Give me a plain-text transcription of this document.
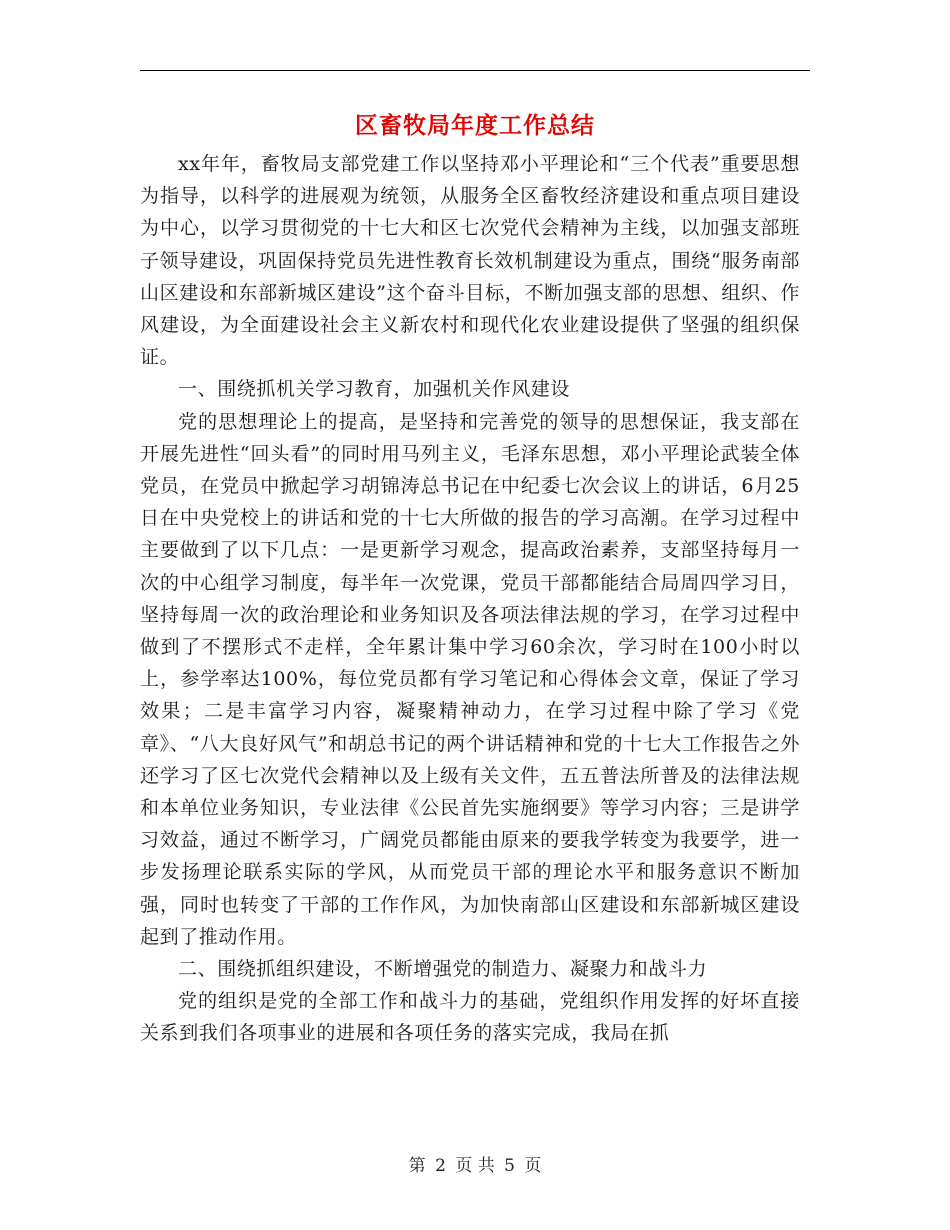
区畜牧局年度工作总结

xx年年，畜牧局支部党建工作以坚持邓小平理论和“三个代表”重要思想为指导，以科学的进展观为统领，从服务全区畜牧经济建设和重点项目建设为中心，以学习贯彻党的十七大和区七次党代会精神为主线，以加强支部班子领导建设，巩固保持党员先进性教育长效机制建设为重点，围绕“服务南部山区建设和东部新城区建设”这个奋斗目标，不断加强支部的思想、组织、作风建设，为全面建设社会主义新农村和现代化农业建设提供了坚强的组织保证。

一、围绕抓机关学习教育，加强机关作风建设

党的思想理论上的提高，是坚持和完善党的领导的思想保证，我支部在开展先进性“回头看”的同时用马列主义，毛泽东思想，邓小平理论武装全体党员，在党员中掀起学习胡锦涛总书记在中纪委七次会议上的讲话，6月25日在中央党校上的讲话和党的十七大所做的报告的学习高潮。在学习过程中主要做到了以下几点：一是更新学习观念，提高政治素养，支部坚持每月一次的中心组学习制度，每半年一次党课，党员干部都能结合局周四学习日，坚持每周一次的政治理论和业务知识及各项法律法规的学习，在学习过程中做到了不摆形式不走样，全年累计集中学习60余次，学习时在100小时以上，参学率达100%，每位党员都有学习笔记和心得体会文章，保证了学习效果；二是丰富学习内容，凝聚精神动力，在学习过程中除了学习《党章》、“八大良好风气”和胡总书记的两个讲话精神和党的十七大工作报告之外还学习了区七次党代会精神以及上级有关文件，五五普法所普及的法律法规和本单位业务知识，专业法律《公民首先实施纲要》等学习内容；三是讲学习效益，通过不断学习，广阔党员都能由原来的要我学转变为我要学，进一步发扬理论联系实际的学风，从而党员干部的理论水平和服务意识不断加强，同时也转变了干部的工作作风，为加快南部山区建设和东部新城区建设起到了推动作用。

二、围绕抓组织建设，不断增强党的制造力、凝聚力和战斗力

党的组织是党的全部工作和战斗力的基础，党组织作用发挥的好坏直接关系到我们各项事业的进展和各项任务的落实完成，我局在抓

第 2 页 共 5 页
